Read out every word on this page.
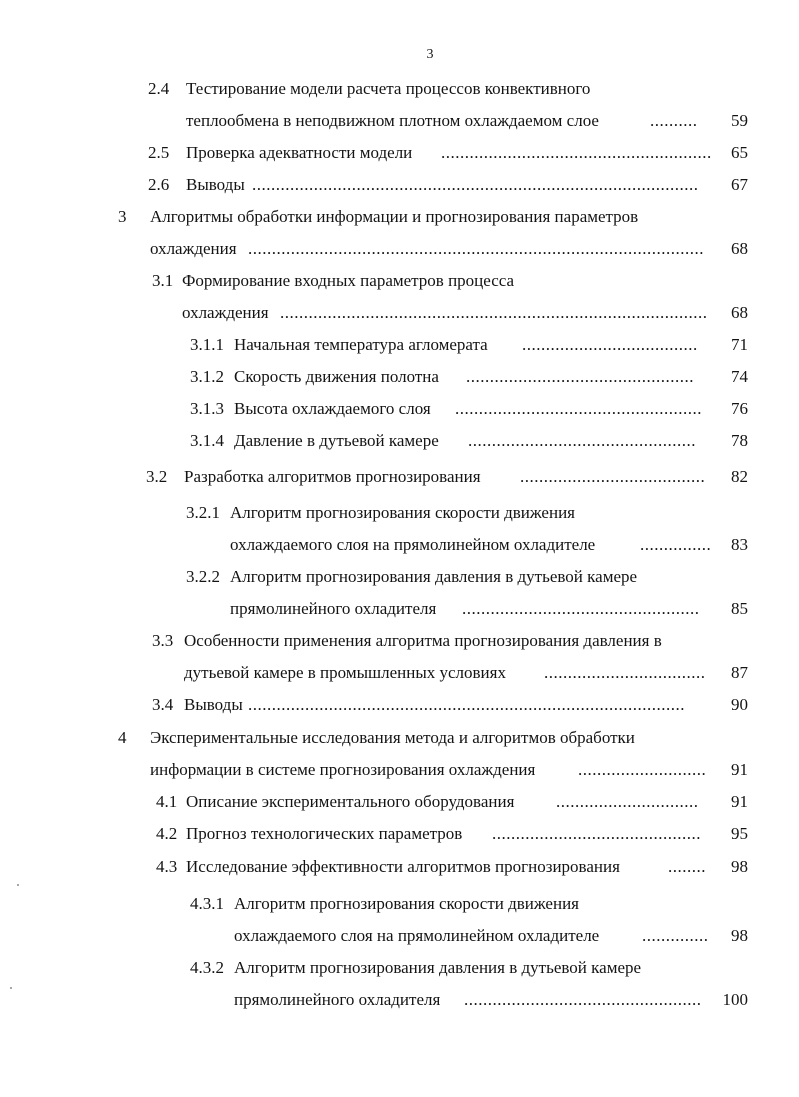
3
2.4 Тестирование модели расчета процессов конвективного
теплообмена в неподвижном плотном охлаждаемом слое	..........	59
2.5 Проверка адекватности модели .........................................................	65
2.6 Выводы ..............................................................................................	67
3 Алгоритмы обработки информации и прогнозирования параметров
охлаждения ................................................................................................	68
3.1 Формирование входных параметров процесса
охлаждения ..........................................................................................	68
3.1.1 Начальная температура агломерата .....................................	71
3.1.2 Скорость движения полотна ................................................	74
3.1.3 Высота охлаждаемого слоя ....................................................	76
3.1.4 Давление в дутьевой камере ................................................	78
3.2 Разработка алгоритмов прогнозирования .......................................	82
3.2.1 Алгоритм прогнозирования скорости движения
охлаждаемого слоя на прямолинейном охладителе	...............	83
3.2.2 Алгоритм прогнозирования давления в дутьевой камере
прямолинейного охладителя ..................................................	85
3.3 Особенности применения алгоритма прогнозирования давления в
дутьевой камере в промышленных условиях ..................................	87
3.4 Выводы ............................................................................................	90
4 Экспериментальные исследования метода и алгоритмов обработки
информации в системе прогнозирования охлаждения	...........................	91
4.1 Описание экспериментального оборудования ..............................	91
4.2 Прогноз технологических параметров ............................................	95
4.3 Исследование эффективности алгоритмов прогнозирования	........	98
4.3.1 Алгоритм прогнозирования скорости движения
охлаждаемого слоя на прямолинейном охладителе	..............	98
4.3.2 Алгоритм прогнозирования давления в дутьевой камере
прямолинейного охладителя ..................................................	100
